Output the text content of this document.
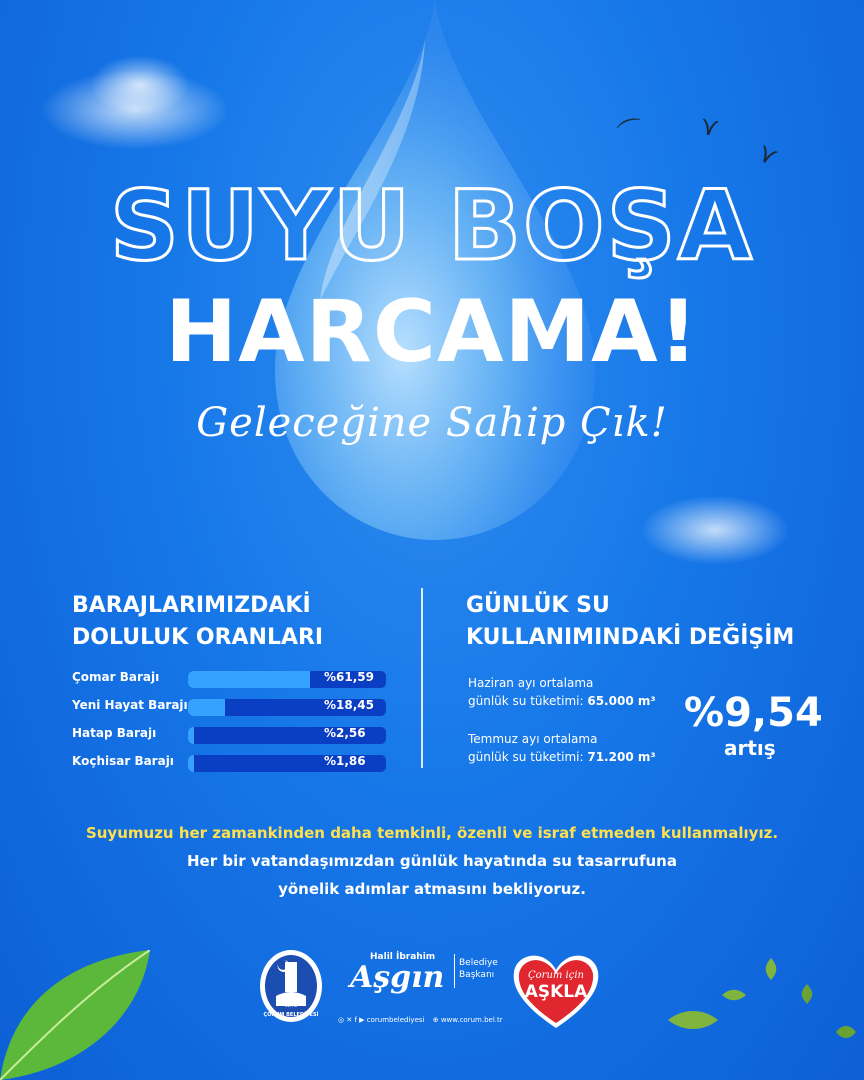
⌒ ⋎
⋎
SUYU BOŞA
HARCAMA!
Geleceğine Sahip Çık!
BARAJLARIMIZDAKİ
DOLULUK ORANLARI
Çomar Barajı	%61,59
Yeni Hayat Barajı	%18,45
Hatap Barajı	%2,56
Koçhisar Barajı	%1,86
GÜNLÜK SU
KULLANIMINDAKİ DEĞİŞİM
Haziran ayı ortalama
günlük su tüketimi: 65.000 m³
Temmuz ayı ortalama
günlük su tüketimi: 71.200 m³
%9,54
artış
Suyumuzu her zamankinden daha temkinli, özenli ve israf etmeden kullanmalıyız.
Her bir vatandaşımızdan günlük hayatında su tasarrufuna
yönelik adımlar atmasını bekliyoruz.
1878
ÇORUM BELEDİYESİ
Halil İbrahim
Aşgın Belediye
Başkanı
◎ ✕ f ▶ corumbelediyesi ⊕ www.corum.bel.tr
Çorum için
AŞKLA
